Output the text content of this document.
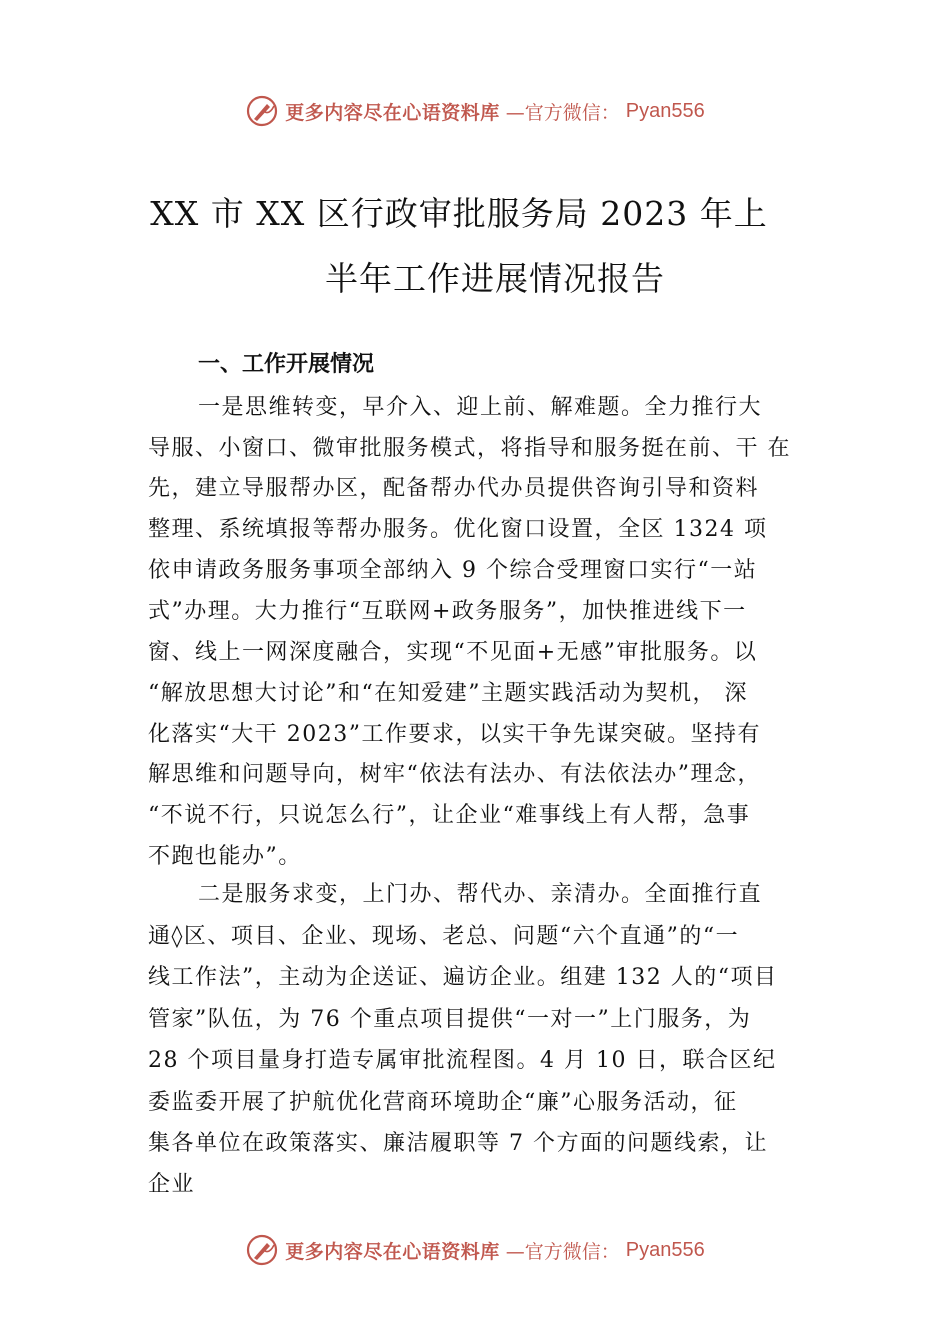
更多内容尽在心语资料库 —官方微信： Pyan556
XX 市 XX 区行政审批服务局 2023 年上
半年工作进展情况报告
一、工作开展情况
一是思维转变，早介入、迎上前、解难题。全力推行大
导服、小窗口、微审批服务模式，将指导和服务挺在前、干 在
先，建立导服帮办区，配备帮办代办员提供咨询引导和资料
整理、系统填报等帮办服务。优化窗口设置，全区 1324 项
依申请政务服务事项全部纳入 9 个综合受理窗口实行“一站
式”办理。大力推行“互联网+政务服务”，加快推进线下一
窗、线上一网深度融合，实现“不见面+无感”审批服务。以
“解放思想大讨论”和“在知爱建”主题实践活动为契机， 深
化落实“大干 2023”工作要求，以实干争先谋突破。坚持有
解思维和问题导向，树牢“依法有法办、有法依法办”理念，
“不说不行，只说怎么行”，让企业“难事线上有人帮，急事
不跑也能办”。
二是服务求变，上门办、帮代办、亲清办。全面推行直
通◊区、项目、企业、现场、老总、问题“六个直通”的“一
线工作法”，主动为企送证、遍访企业。组建 132 人的“项目
管家”队伍，为 76 个重点项目提供“一对一”上门服务，为
28 个项目量身打造专属审批流程图。4 月 10 日，联合区纪
委监委开展了护航优化营商环境助企“廉”心服务活动，征
集各单位在政策落实、廉洁履职等 7 个方面的问题线索，让
企业
更多内容尽在心语资料库 —官方微信： Pyan556
